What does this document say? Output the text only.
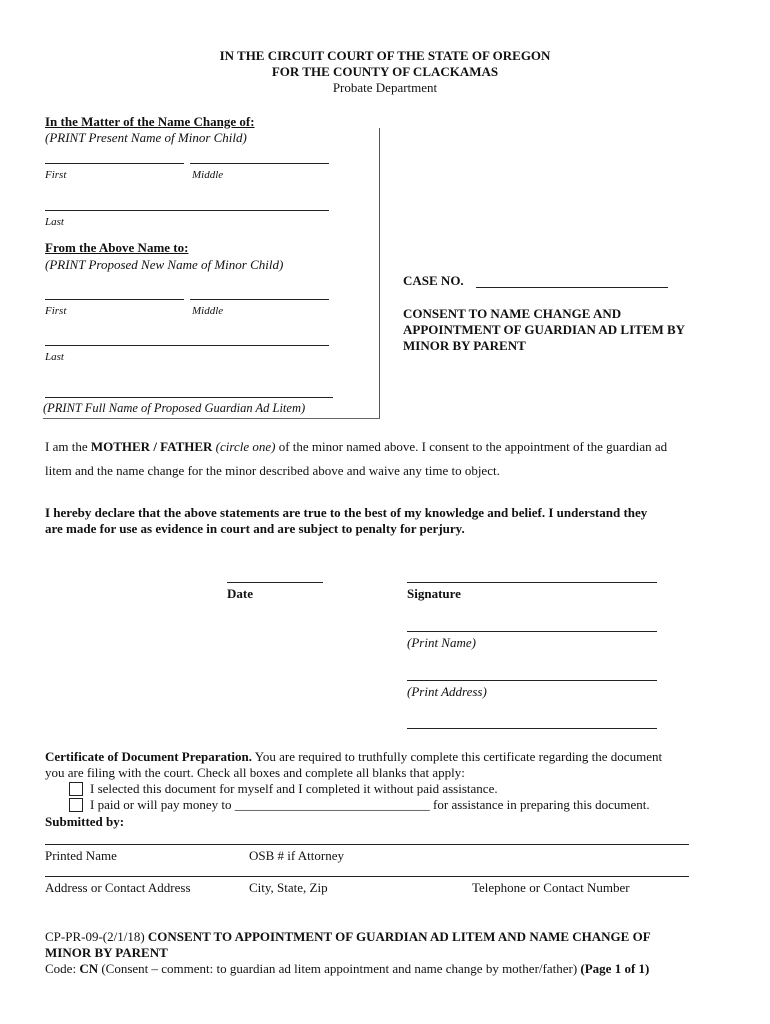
IN THE CIRCUIT COURT OF THE STATE OF OREGON
FOR THE COUNTY OF CLACKAMAS
Probate Department
In the Matter of the Name Change of:
(PRINT Present Name of Minor Child)
First	Middle
Last
From the Above Name to:
(PRINT Proposed New Name of Minor Child)
First	Middle
Last
(PRINT Full Name of Proposed Guardian Ad Litem)
CASE NO.
CONSENT TO NAME CHANGE AND
APPOINTMENT OF GUARDIAN AD LITEM BY
MINOR BY PARENT
I am the MOTHER / FATHER (circle one) of the minor named above. I consent to the appointment of the guardian ad
litem and the name change for the minor described above and waive any time to object.
I hereby declare that the above statements are true to the best of my knowledge and belief. I understand they
are made for use as evidence in court and are subject to penalty for perjury.
Date	Signature
(Print Name)
(Print Address)
Certificate of Document Preparation. You are required to truthfully complete this certificate regarding the document
you are filing with the court. Check all boxes and complete all blanks that apply:
I selected this document for myself and I completed it without paid assistance.
I paid or will pay money to ______________________________ for assistance in preparing this document.
Submitted by:
Printed Name	OSB # if Attorney
Address or Contact Address	City, State, Zip	Telephone or Contact Number
CP-PR-09-(2/1/18) CONSENT TO APPOINTMENT OF GUARDIAN AD LITEM AND NAME CHANGE OF
MINOR BY PARENT
Code: CN (Consent – comment: to guardian ad litem appointment and name change by mother/father) (Page 1 of 1)
